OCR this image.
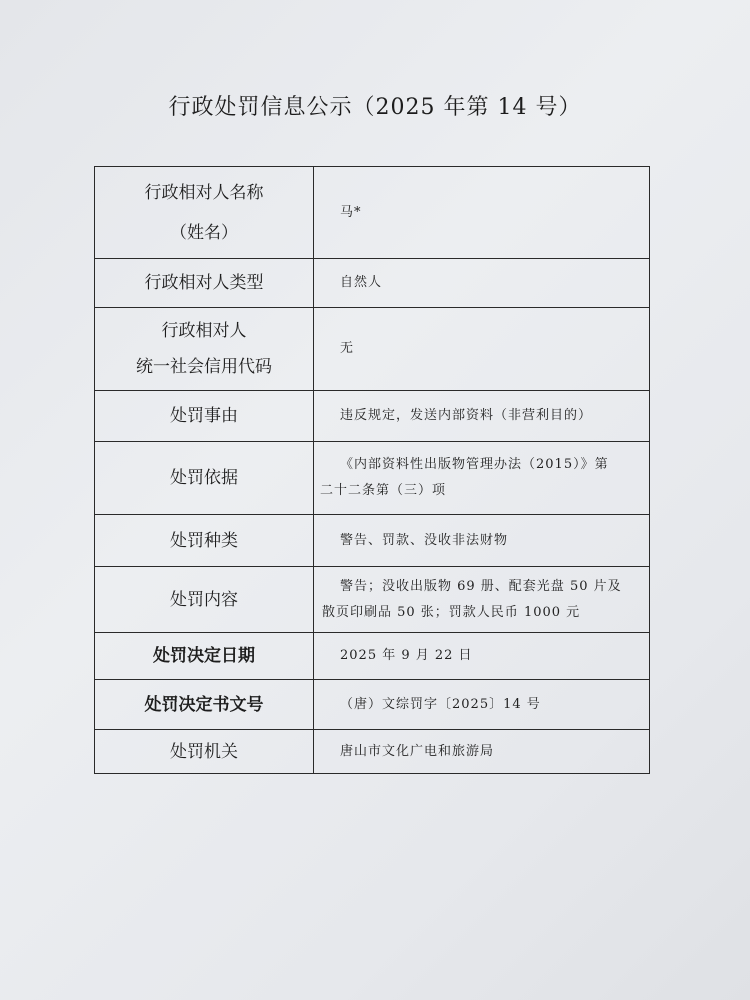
行政处罚信息公示（2025 年第 14 号）
行政相对人名称
（姓名）	马*

行政相对人类型	自然人

行政相对人
统一社会信用代码	无

处罚事由	违反规定，发送内部资料（非营利目的）

处罚依据	《内部资料性出版物管理办法（2015）》第
二十二条第（三）项

处罚种类	警告、罚款、没收非法财物

处罚内容	警告；没收出版物 69 册、配套光盘 50 片及
散页印刷品 50 张；罚款人民币 1000 元

处罚决定日期	2025 年 9 月 22 日

处罚决定书文号	（唐）文综罚字〔2025〕14 号

处罚机关	唐山市文化广电和旅游局
